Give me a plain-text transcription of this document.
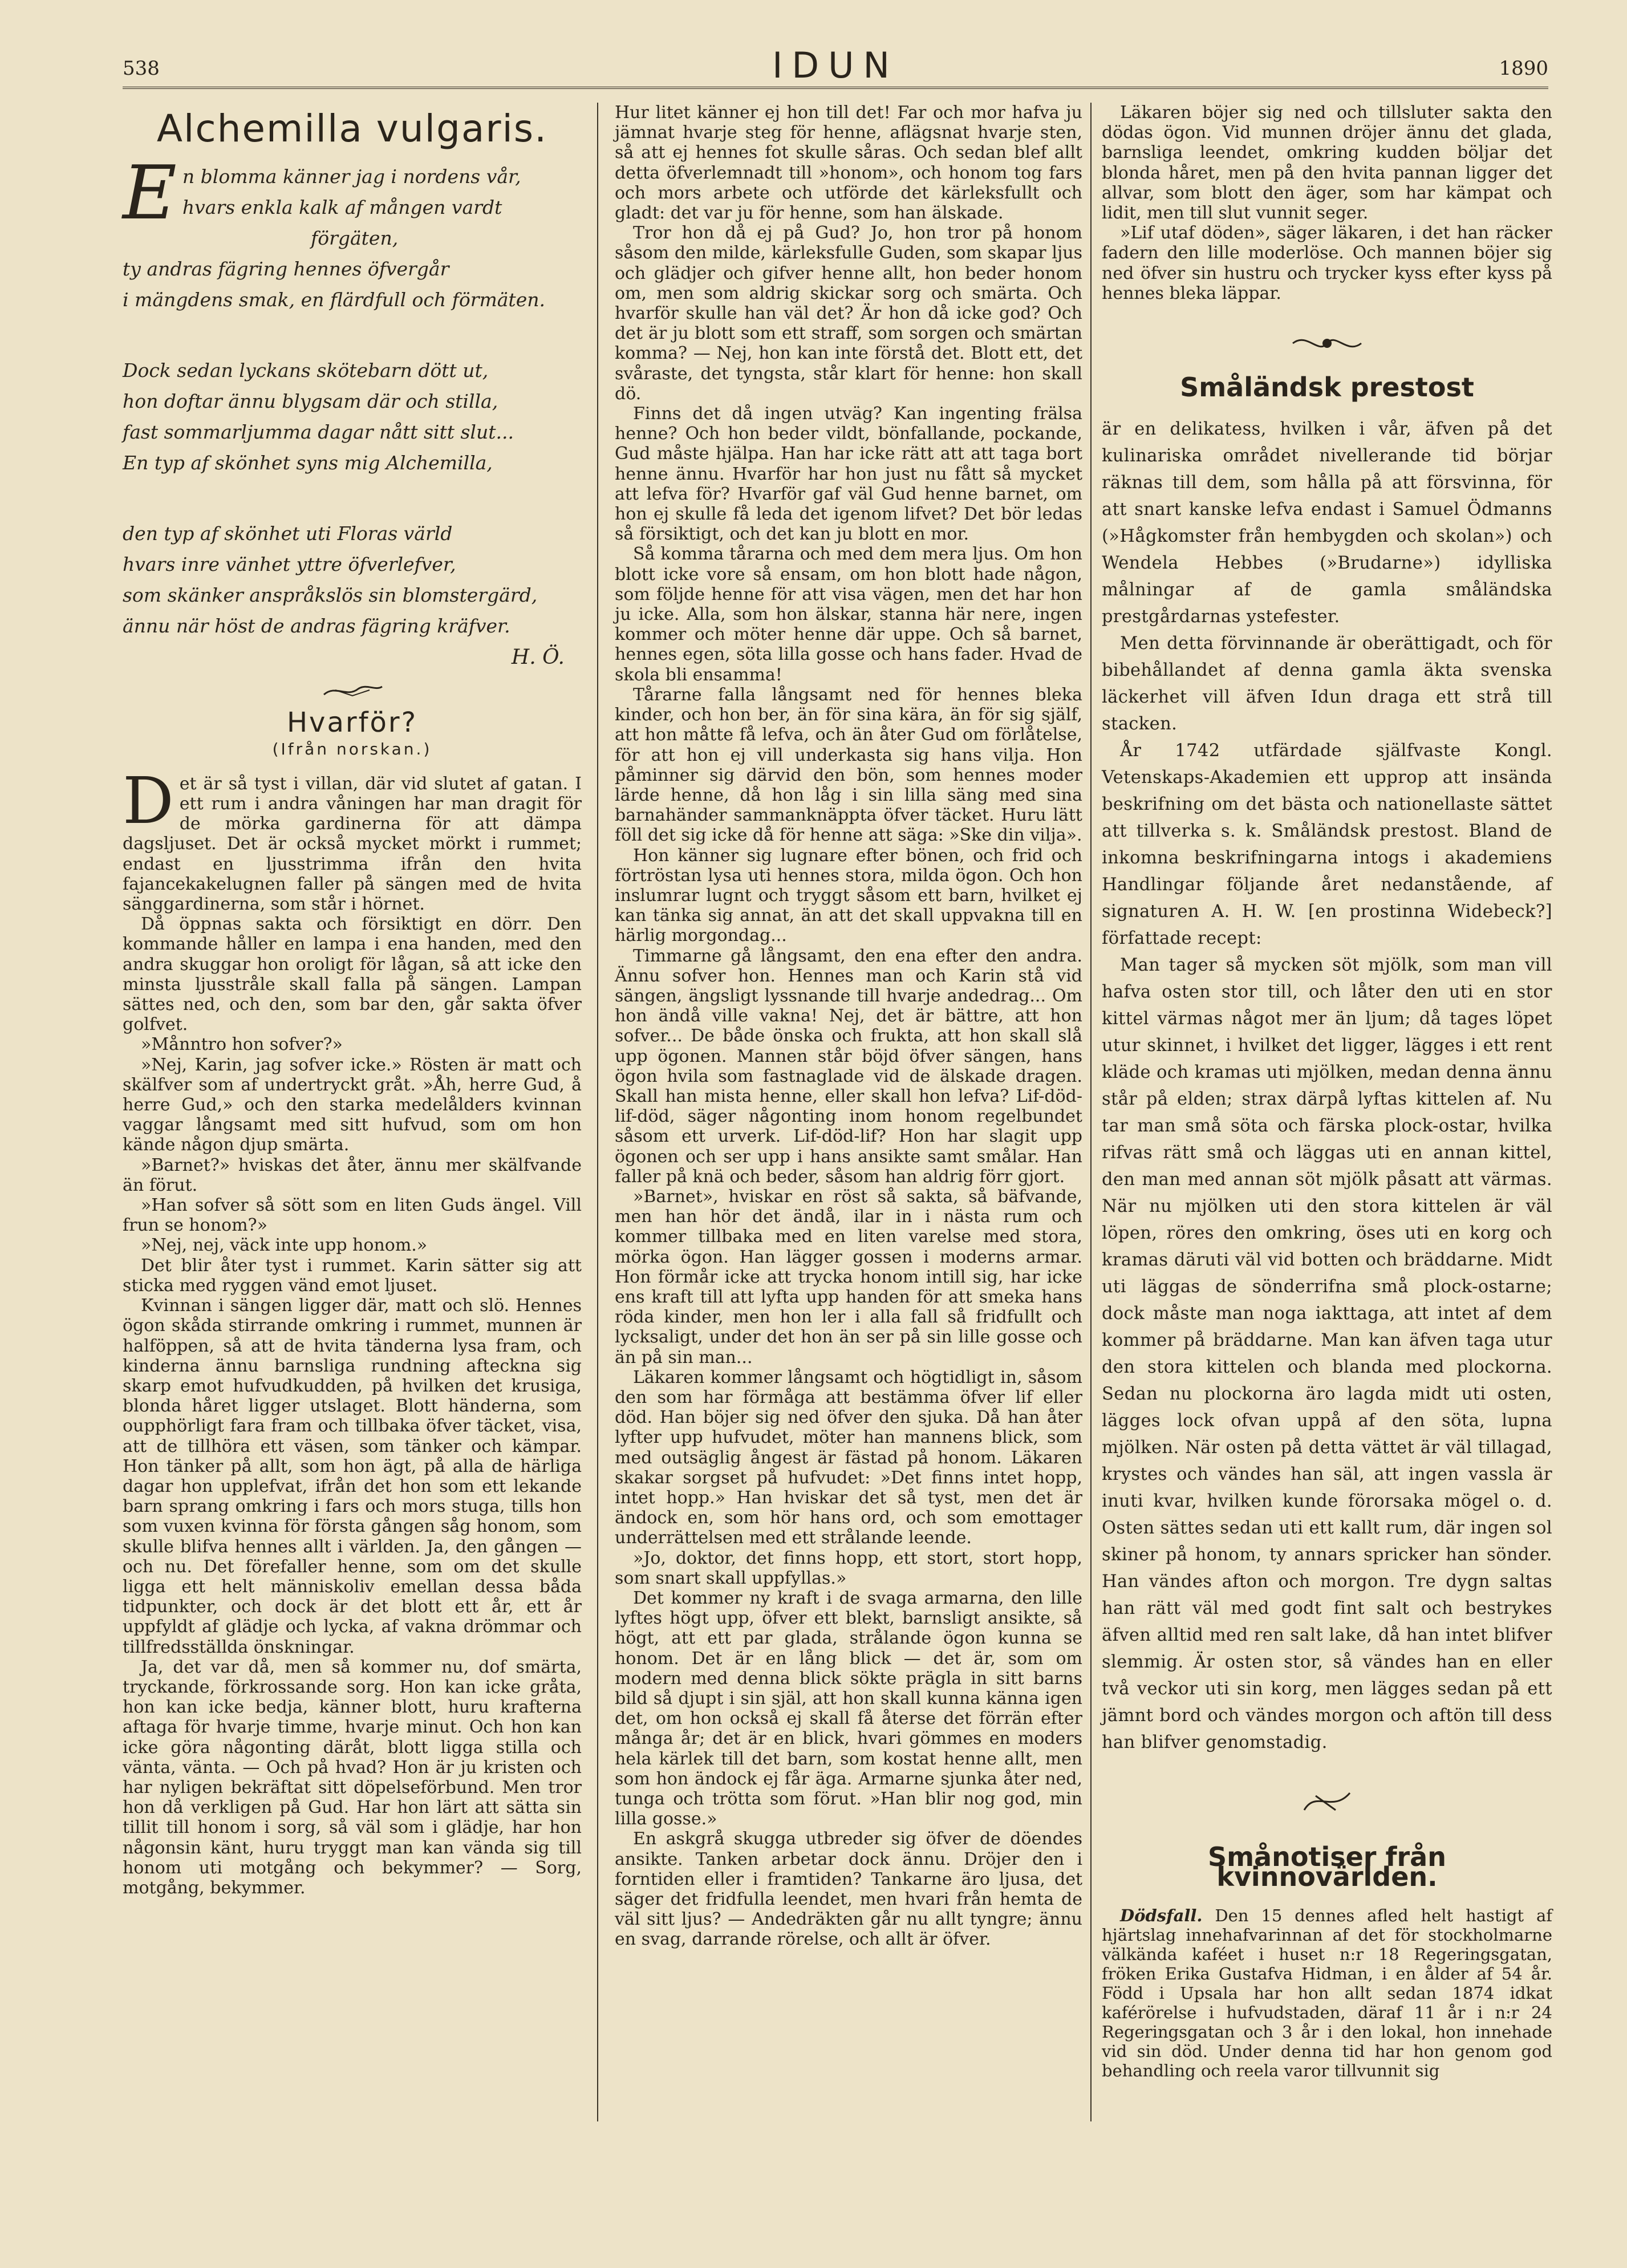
538	IDUN	1890
Alchemilla vulgaris.
E n blomma känner jag i nordens vår,
hvars enkla kalk af mången vardt
förgäten,
ty andras fägring hennes öfvergår
i mängdens smak, en flärdfull och förmäten.
Dock sedan lyckans skötebarn dött ut,
hon doftar ännu blygsam där och stilla,
fast sommarljumma dagar nått sitt slut...
En typ af skönhet syns mig Alchemilla,
den typ af skönhet uti Floras värld
hvars inre vänhet yttre öfverlefver,
som skänker anspråkslös sin blomstergärd,
ännu när höst de andras fägring kräfver.
H. Ö.
Hvarför?
(Ifrån norskan.)

Det är så tyst i villan, där vid slutet af gatan. I ett rum i andra våningen har man dragit för de mörka gardinerna för att dämpa dagsljuset. Det är också mycket mörkt i rummet; endast en ljusstrimma ifrån den hvita fajancekakelugnen faller på sängen med de hvita sänggardinerna, som står i hörnet.

Då öppnas sakta och försiktigt en dörr. Den kommande håller en lampa i ena handen, med den andra skuggar hon oroligt för lågan, så att icke den minsta ljusstråle skall falla på sängen. Lampan sättes ned, och den, som bar den, går sakta öfver golfvet.

»Månntro hon sofver?»

»Nej, Karin, jag sofver icke.» Rösten är matt och skälfver som af undertryckt gråt. »Åh, herre Gud, å herre Gud,» och den starka medelålders kvinnan vaggar långsamt med sitt hufvud, som om hon kände någon djup smärta.

»Barnet?» hviskas det åter, ännu mer skälfvande än förut.

»Han sofver så sött som en liten Guds ängel. Vill frun se honom?»

»Nej, nej, väck inte upp honom.»

Det blir åter tyst i rummet. Karin sätter sig att sticka med ryggen vänd emot ljuset.

Kvinnan i sängen ligger där, matt och slö. Hennes ögon skåda stirrande omkring i rummet, munnen är halföppen, så att de hvita tänderna lysa fram, och kinderna ännu barnsliga rundning afteckna sig skarp emot hufvudkudden, på hvilken det krusiga, blonda håret ligger utslaget. Blott händerna, som oupphörligt fara fram och tillbaka öfver täcket, visa, att de tillhöra ett väsen, som tänker och kämpar. Hon tänker på allt, som hon ägt, på alla de härliga dagar hon upplefvat, ifrån det hon som ett lekande barn sprang omkring i fars och mors stuga, tills hon som vuxen kvinna för första gången såg honom, som skulle blifva hennes allt i världen. Ja, den gången — och nu. Det förefaller henne, som om det skulle ligga ett helt människoliv emellan dessa båda tidpunkter, och dock är det blott ett år, ett år uppfyldt af glädje och lycka, af vakna drömmar och tillfredsställda önskningar.

Ja, det var då, men så kommer nu, dof smärta, tryckande, förkrossande sorg. Hon kan icke gråta, hon kan icke bedja, känner blott, huru krafterna aftaga för hvarje timme, hvarje minut. Och hon kan icke göra någonting däråt, blott ligga stilla och vänta, vänta. — Och på hvad? Hon är ju kristen och har nyligen bekräftat sitt döpelseförbund. Men tror hon då verkligen på Gud. Har hon lärt att sätta sin tillit till honom i sorg, så väl som i glädje, har hon någonsin känt, huru tryggt man kan vända sig till honom uti motgång och bekymmer? — Sorg, motgång, bekymmer.

Hur litet känner ej hon till det! Far och mor hafva ju jämnat hvarje steg för henne, aflägsnat hvarje sten, så att ej hennes fot skulle såras. Och sedan blef allt detta öfverlemnadt till »honom», och honom tog fars och mors arbete och utförde det kärleksfullt och gladt: det var ju för henne, som han älskade.

Tror hon då ej på Gud? Jo, hon tror på honom såsom den milde, kärleksfulle Guden, som skapar ljus och glädjer och gifver henne allt, hon beder honom om, men som aldrig skickar sorg och smärta. Och hvarför skulle han väl det? Är hon då icke god? Och det är ju blott som ett straff, som sorgen och smärtan komma? — Nej, hon kan inte förstå det. Blott ett, det svåraste, det tyngsta, står klart för henne: hon skall dö.

Finns det då ingen utväg? Kan ingenting frälsa henne? Och hon beder vildt, bönfallande, pockande, Gud måste hjälpa. Han har icke rätt att att taga bort henne ännu. Hvarför har hon just nu fått så mycket att lefva för? Hvarför gaf väl Gud henne barnet, om hon ej skulle få leda det igenom lifvet? Det bör ledas så försiktigt, och det kan ju blott en mor.

Så komma tårarna och med dem mera ljus. Om hon blott icke vore så ensam, om hon blott hade någon, som följde henne för att visa vägen, men det har hon ju icke. Alla, som hon älskar, stanna här nere, ingen kommer och möter henne där uppe. Och så barnet, hennes egen, söta lilla gosse och hans fader. Hvad de skola bli ensamma!

Tårarne falla långsamt ned för hennes bleka kinder, och hon ber, än för sina kära, än för sig själf, att hon måtte få lefva, och än åter Gud om förlåtelse, för att hon ej vill underkasta sig hans vilja. Hon påminner sig därvid den bön, som hennes moder lärde henne, då hon låg i sin lilla säng med sina barnahänder sammanknäppta öfver täcket. Huru lätt föll det sig icke då för henne att säga: »Ske din vilja».

Hon känner sig lugnare efter bönen, och frid och förtröstan lysa uti hennes stora, milda ögon. Och hon inslumrar lugnt och tryggt såsom ett barn, hvilket ej kan tänka sig annat, än att det skall uppvakna till en härlig morgondag...

Timmarne gå långsamt, den ena efter den andra. Ännu sofver hon. Hennes man och Karin stå vid sängen, ängsligt lyssnande till hvarje andedrag... Om hon ändå ville vakna! Nej, det är bättre, att hon sofver... De både önska och frukta, att hon skall slå upp ögonen. Mannen står böjd öfver sängen, hans ögon hvila som fastnaglade vid de älskade dragen. Skall han mista henne, eller skall hon lefva? Lif-död-lif-död, säger någonting inom honom regelbundet såsom ett urverk. Lif-död-lif? Hon har slagit upp ögonen och ser upp i hans ansikte samt smålar. Han faller på knä och beder, såsom han aldrig förr gjort.

»Barnet», hviskar en röst så sakta, så bäfvande, men han hör det ändå, ilar in i nästa rum och kommer tillbaka med en liten varelse med stora, mörka ögon. Han lägger gossen i moderns armar. Hon förmår icke att trycka honom intill sig, har icke ens kraft till att lyfta upp handen för att smeka hans röda kinder, men hon ler i alla fall så fridfullt och lycksaligt, under det hon än ser på sin lille gosse och än på sin man...

Läkaren kommer långsamt och högtidligt in, såsom den som har förmåga att bestämma öfver lif eller död. Han böjer sig ned öfver den sjuka. Då han åter lyfter upp hufvudet, möter han mannens blick, som med outsäglig ångest är fästad på honom. Läkaren skakar sorgset på hufvudet: »Det finns intet hopp, intet hopp.» Han hviskar det så tyst, men det är ändock en, som hör hans ord, och som emottager underrättelsen med ett strålande leende.

»Jo, doktor, det finns hopp, ett stort, stort hopp, som snart skall uppfyllas.»

Det kommer ny kraft i de svaga armarna, den lille lyftes högt upp, öfver ett blekt, barnsligt ansikte, så högt, att ett par glada, strålande ögon kunna se honom. Det är en lång blick — det är, som om modern med denna blick sökte prägla in sitt barns bild så djupt i sin själ, att hon skall kunna känna igen det, om hon också ej skall få återse det förrän efter många år; det är en blick, hvari gömmes en moders hela kärlek till det barn, som kostat henne allt, men som hon ändock ej får äga. Armarne sjunka åter ned, tunga och trötta som förut. »Han blir nog god, min lilla gosse.»

En askgrå skugga utbreder sig öfver de döendes ansikte. Tanken arbetar dock ännu. Dröjer den i forntiden eller i framtiden? Tankarne äro ljusa, det säger det fridfulla leendet, men hvari från hemta de väl sitt ljus? — Andedräkten går nu allt tyngre; ännu en svag, darrande rörelse, och allt är öfver.

Läkaren böjer sig ned och tillsluter sakta den dödas ögon. Vid munnen dröjer ännu det glada, barnsliga leendet, omkring kudden böljar det blonda håret, men på den hvita pannan ligger det allvar, som blott den äger, som har kämpat och lidit, men till slut vunnit seger.

»Lif utaf döden», säger läkaren, i det han räcker fadern den lille moderlöse. Och mannen böjer sig ned öfver sin hustru och trycker kyss efter kyss på hennes bleka läppar.

Småländsk prestost

är en delikatess, hvilken i vår, äfven på det kulinariska området nivellerande tid börjar räknas till dem, som hålla på att försvinna, för att snart kanske lefva endast i Samuel Ödmanns (»Hågkomster från hembygden och skolan») och Wendela Hebbes (»Brudarne») idylliska målningar af de gamla småländska prestgårdarnas ystefester.

Men detta förvinnande är oberättigadt, och för bibehållandet af denna gamla äkta svenska läckerhet vill äfven Idun draga ett strå till stacken.

År 1742 utfärdade själfvaste Kongl. Vetenskaps-Akademien ett upprop att insända beskrifning om det bästa och nationellaste sättet att tillverka s. k. Småländsk prestost. Bland de inkomna beskrifningarna intogs i akademiens Handlingar följande året nedanstående, af signaturen A. H. W. [en prostinna Widebeck?] författade recept:

Man tager så mycken söt mjölk, som man vill hafva osten stor till, och låter den uti en stor kittel värmas något mer än ljum; då tages löpet utur skinnet, i hvilket det ligger, lägges i ett rent kläde och kramas uti mjölken, medan denna ännu står på elden; strax därpå lyftas kittelen af. Nu tar man små söta och färska plock-ostar, hvilka rifvas rätt små och läggas uti en annan kittel, den man med annan söt mjölk påsatt att värmas. När nu mjölken uti den stora kittelen är väl löpen, röres den omkring, öses uti en korg och kramas däruti väl vid botten och bräddarne. Midt uti läggas de sönderrifna små plock-ostarne; dock måste man noga iakttaga, att intet af dem kommer på bräddarne. Man kan äfven taga utur den stora kittelen och blanda med plockorna. Sedan nu plockorna äro lagda midt uti osten, lägges lock ofvan uppå af den söta, lupna mjölken. När osten på detta vättet är väl tillagad, krystes och vändes han säl, att ingen vassla är inuti kvar, hvilken kunde förorsaka mögel o. d. Osten sättes sedan uti ett kallt rum, där ingen sol skiner på honom, ty annars spricker han sönder. Han vändes afton och morgon. Tre dygn saltas han rätt väl med godt fint salt och bestrykes äfven alltid med ren salt lake, då han intet blifver slemmig. Är osten stor, så vändes han en eller två veckor uti sin korg, men lägges sedan på ett jämnt bord och vändes morgon och aftön till dess han blifver genomstadig.

Smånotiser från kvinnovärlden.

Dödsfall. Den 15 dennes afled helt hastigt af hjärtslag innehafvarinnan af det för stockholmarne välkända kaféet i huset n:r 18 Regeringsgatan, fröken Erika Gustafva Hidman, i en ålder af 54 år. Född i Upsala har hon allt sedan 1874 idkat kaférörelse i hufvudstaden, däraf 11 år i n:r 24 Regeringsgatan och 3 år i den lokal, hon innehade vid sin död. Under denna tid har hon genom god behandling och reela varor tillvunnit sig
